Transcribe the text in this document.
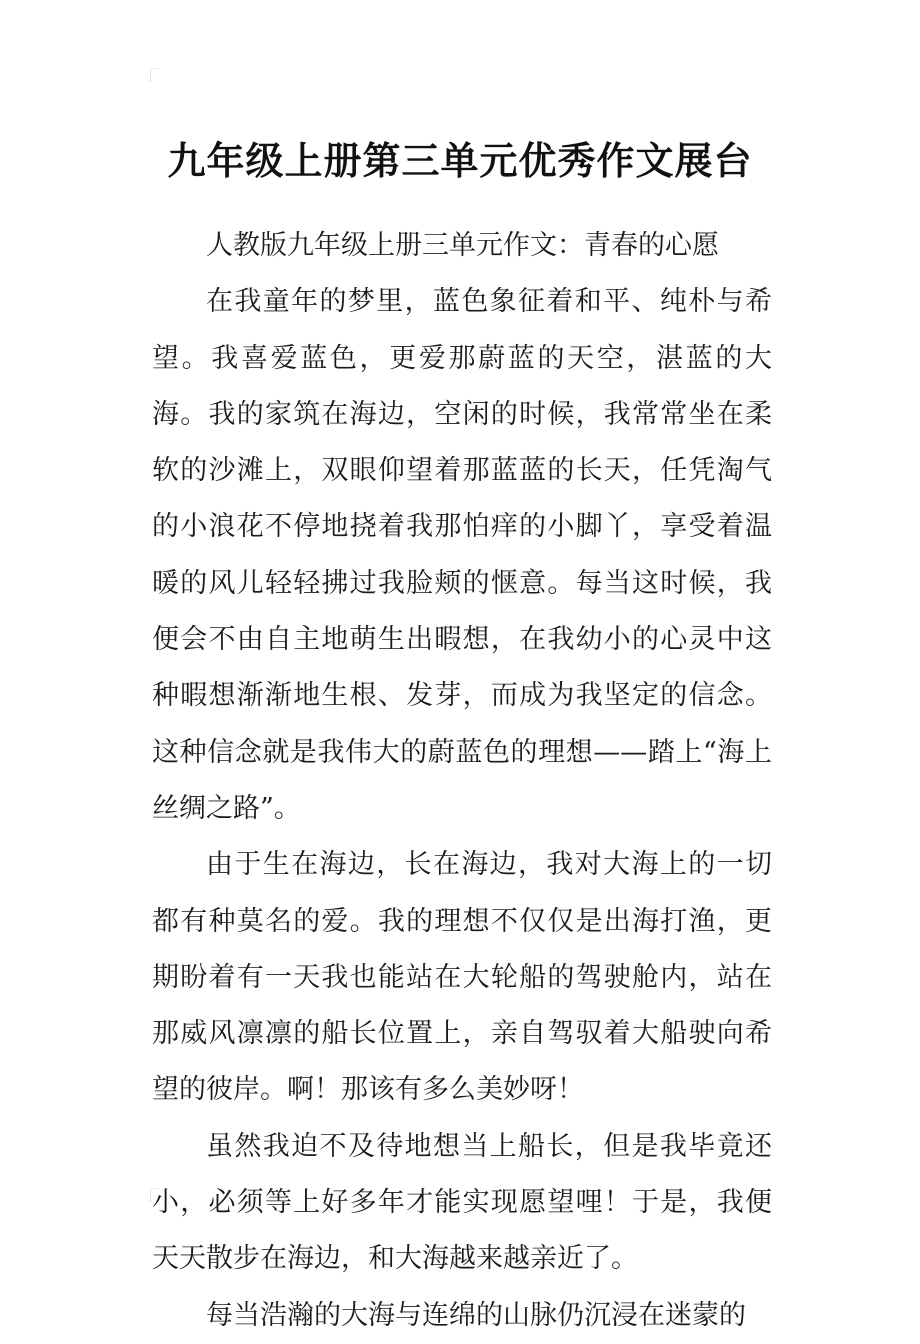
九年级上册第三单元优秀作文展台

人教版九年级上册三单元作文：青春的心愿

在我童年的梦里，蓝色象征着和平、纯朴与希望。我喜爱蓝色，更爱那蔚蓝的天空，湛蓝的大海。我的家筑在海边，空闲的时候，我常常坐在柔软的沙滩上，双眼仰望着那蓝蓝的长天，任凭淘气的小浪花不停地挠着我那怕痒的小脚丫，享受着温暖的风儿轻轻拂过我脸颊的惬意。每当这时候，我便会不由自主地萌生出暇想，在我幼小的心灵中这种暇想渐渐地生根、发芽，而成为我坚定的信念。这种信念就是我伟大的蔚蓝色的理想——踏上“海上丝绸之路”。

由于生在海边，长在海边，我对大海上的一切都有种莫名的爱。我的理想不仅仅是出海打渔，更期盼着有一天我也能站在大轮船的驾驶舱内，站在那威风凛凛的船长位置上，亲自驾驭着大船驶向希望的彼岸。啊！那该有多么美妙呀！

虽然我迫不及待地想当上船长，但是我毕竟还小，必须等上好多年才能实现愿望哩！于是，我便天天散步在海边，和大海越来越亲近了。

每当浩瀚的大海与连绵的山脉仍沉浸在迷蒙的
